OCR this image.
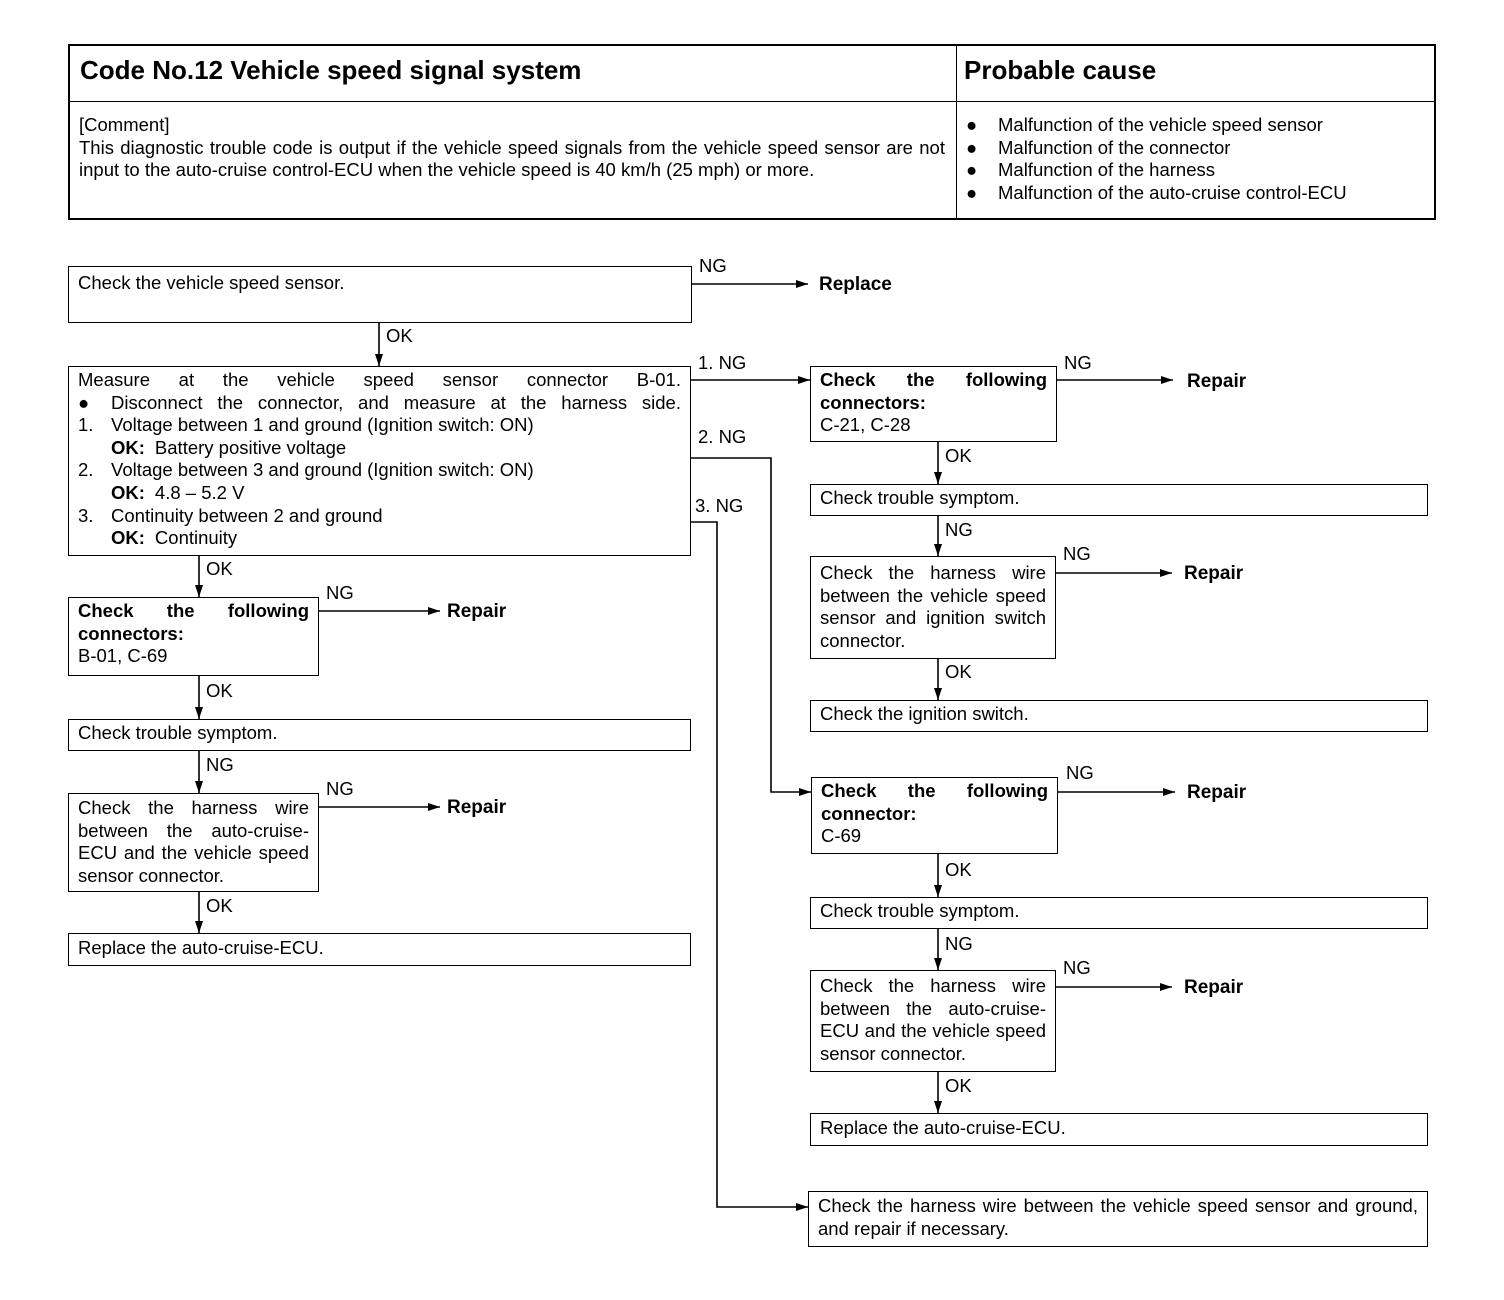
Code No.12 Vehicle speed signal system	Probable cause
[Comment]
This diagnostic trouble code is output if the vehicle speed signals from the vehicle speed sensor are not input to the auto-cruise control-ECU when the vehicle speed is 40 km/h (25 mph) or more.
●	Malfunction of the vehicle speed sensor
●	Malfunction of the connector
●	Malfunction of the harness
●	Malfunction of the auto-cruise control-ECU
Check the vehicle speed sensor.
Measure at the vehicle speed sensor connector B-01.
●	Disconnect the connector, and measure at the harness side.
1. Voltage between 1 and ground (Ignition switch: ON)
OK: Battery positive voltage
2. Voltage between 3 and ground (Ignition switch: ON)
OK: 4.8 – 5.2 V
3. Continuity between 2 and ground
OK: Continuity
Check the following connectors:
B-01, C-69
Check trouble symptom.
Check the harness wire between the auto-cruise-ECU and the vehicle speed sensor connector.
Replace the auto-cruise-ECU.
Check the following connectors:
C-21, C-28
Check trouble symptom.
Check the harness wire between the vehicle speed sensor and ignition switch connector.
Check the ignition switch.
Check the following connector:
C-69
Check trouble symptom.
Check the harness wire between the auto-cruise-ECU and the vehicle speed sensor connector.
Replace the auto-cruise-ECU.
Check the harness wire between the vehicle speed sensor and ground, and repair if necessary.
OK
NG
1. NG
2. NG
3. NG
OK
NG
OK
NG
NG
OK
NG
OK
NG
NG
OK
NG
OK
NG
NG
OK
Replace
Repair
Repair
Repair
Repair
Repair
Repair
